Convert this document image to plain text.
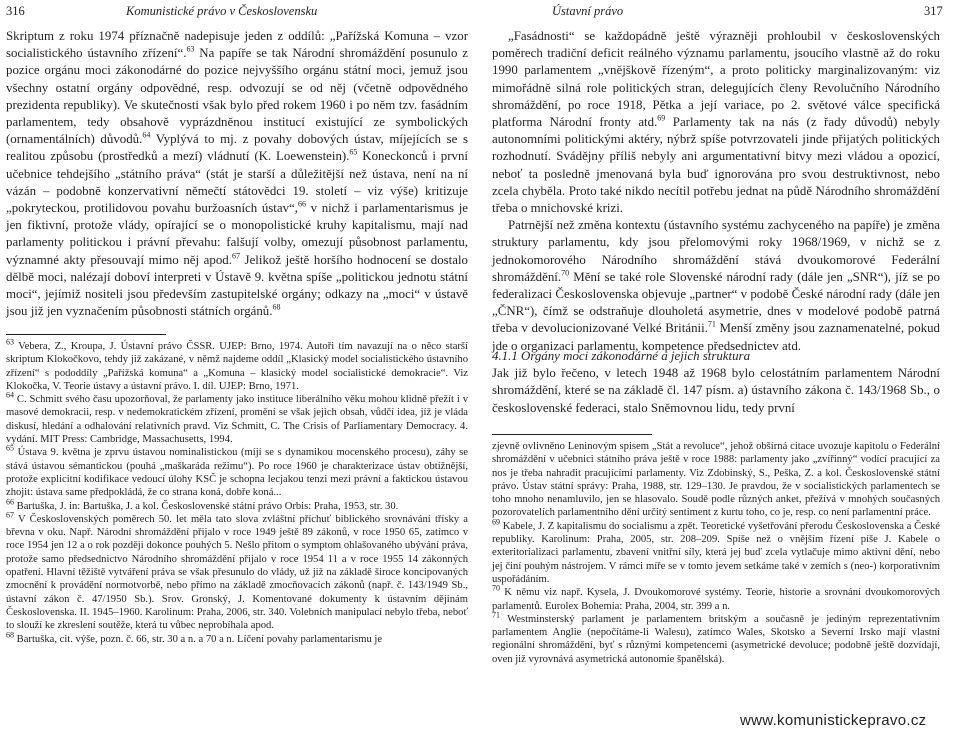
316	Komunistické právo v Československu

Skriptum z roku 1974 příznačně nadepisuje jeden z oddílů: „Pařížská Komuna – vzor socialistického ústavního zřízení“.$^{63}$ Na papíře se tak Národní shromáždění posunulo z pozice orgánu moci zákonodárné do pozice nejvyššího orgánu státní moci, jemuž jsou všechny ostatní orgány odpovědné, resp. odvozují se od něj (včetně odpovědného prezidenta republiky). Ve skutečnosti však bylo před rokem 1960 i po něm tzv. fasádním parlamentem, tedy obsahově vyprázdněnou institucí existující ze symbolických (ornamentálních) důvodů.$^{64}$ Vyplývá to mj. z povahy dobových ústav, míjejících se s realitou způsobu (prostředků a mezí) vládnutí (K. Loewenstein).$^{65}$ Koneckonců i první učebnice tehdejšího „státního práva“ (stát je starší a důležitější než ústava, není na ní vázán – podobně konzervativní němečtí státovědci 19. století – viz výše) kritizuje „pokryteckou, protilidovou povahu buržoasních ústav“,$^{66}$ v nichž i parlamentarismus je jen fiktivní, protože vlády, opírající se o monopolistické kruhy kapitalismu, mají nad parlamenty politickou i právní převahu: falšují volby, omezují působnost parlamentu, významné akty přesouvají mimo něj apod.$^{67}$ Jelikož ještě horšího hodnocení se dostalo dělbě moci, nalézají doboví interpreti v Ústavě 9. května spíše „politickou jednotu státní moci“, jejímiž nositeli jsou především zastupitelské orgány; odkazy na „moci“ v ústavě jsou již jen vyznačením působnosti státních orgánů.$^{68}$

$^{63}$ Vebera, Z., Kroupa, J. Ústavní právo ČSSR. UJEP: Brno, 1974. Autoři tím navazují na o něco starší skriptum Klokočkovo, tehdy již zakázané, v němž najdeme oddíl „Klasický model socialistického ústavního zřízení“ s pododdíly „Pařížská komuna“ a „Komuna – klasický model socialistické demokracie“. Viz Klokočka, V. Teorie ústavy a ústavní právo. I. díl. UJEP: Brno, 1971.

$^{64}$ C. Schmitt svého času upozorňoval, že parlamenty jako instituce liberálního věku mohou klidně přežít i v masové demokracii, resp. v nedemokratickém zřízení, promění se však jejich obsah, vůdčí idea, jíž je vláda diskusí, hledání a odhalování relativních pravd. Viz Schmitt, C. The Crisis of Parliamentary Democracy. 4. vydání. MIT Press: Cambridge, Massachusetts, 1994.

$^{65}$ Ústava 9. května je zprvu ústavou nominalistickou (míjí se s dynamikou mocenského procesu), záhy se stává ústavou sémantickou (pouhá „maškaráda režimu“). Po roce 1960 je charakterizace ústav obtížnější, protože explicitní kodifikace vedoucí úlohy KSČ je schopna lecjakou tenzi mezi právní a faktickou ústavou zhojit: ústava same předpokládá, že co strana koná, dobře koná...

$^{66}$ Bartuška, J. in: Bartuška, J. a kol. Československé státní právo Orbis: Praha, 1953, str. 30.

$^{67}$ V Československých poměrech 50. let měla tato slova zvláštní příchuť biblického srovnávání třísky a břevna v oku. Např. Národní shromáždění přijalo v roce 1949 ještě 89 zákonů, v roce 1950 65, zatímco v roce 1954 jen 12 a o rok později dokonce pouhých 5. Nešlo přitom o symptom ohlašovaného ubývání práva, protože samo předsednictvo Národního shromáždění přijalo v roce 1954 11 a v roce 1955 14 zákonných opatření. Hlavní těžiště vytváření práva se však přesunulo do vlády, už již na základě široce koncipovaných zmocnění k provádění normotvorbě, nebo přímo na základě zmocňovacích zákonů (např. č. 143/1949 Sb., ústavní zákon č. 47/1950 Sb.). Srov. Gronský, J. Komentované dokumenty k ústavním dějinám Československa. II. 1945–1960. Karolinum: Praha, 2006, str. 340. Volebních manipulací nebylo třeba, neboť to slouží ke zkreslení soutěže, která tu vůbec neprobíhala apod.

$^{68}$ Bartuška, cit. výše, pozn. č. 66, str. 30 a n. a 70 a n. Líčení povahy parlamentarismu je

Ústavní právo	317

„Fasádnosti“ se každopádně ještě výrazněji prohloubil v československých poměrech tradiční deficit reálného významu parlamentu, jsoucího vlastně až do roku 1990 parlamentem „vnějškově řízeným“, a proto politicky marginalizovaným: viz mimořádně silná role politických stran, delegujících členy Revolučního Národního shromáždění, po roce 1918, Pětka a její variace, po 2. světové válce specifická platforma Národní fronty atd.$^{69}$ Parlamenty tak na nás (z řady důvodů) nebyly autonomními politickými aktéry, nýbrž spíše potvrzovateli jinde přijatých politických rozhodnutí. Svádějny příliš nebyly ani argumentativní bitvy mezi vládou a opozicí, neboť ta posledně jmenovaná byla buď ignorována pro svou destruktivnost, nebo zcela chyběla. Proto také nikdo necítil potřebu jednat na půdě Národního shromáždění třeba o mnichovské krizi.

Patrnější než změna kontextu (ústavního systému zachyceného na papíře) je změna struktury parlamentu, kdy jsou přelomovými roky 1968/1969, v nichž se z jednokomorového Národního shromáždění stává dvoukomorové Federální shromáždění.$^{70}$ Mění se také role Slovenské národní rady (dále jen „SNR“), jíž se po federalizaci Československa objevuje „partner“ v podobě České národní rady (dále jen „ČNR“), čímž se odstraňuje dlouholetá asymetrie, dnes v modelové podobě patrná třeba v devolucionizované Velké Británii.$^{71}$ Menší změny jsou zaznamenatelné, pokud jde o organizaci parlamentu, kompetence předsednictev atd.

4.1.1 Orgány moci zákonodárné a jejich struktura

Jak již bylo řečeno, v letech 1948 až 1968 bylo celostátním parlamentem Národní shromáždění, které se na základě čl. 147 písm. a) ústavního zákona č. 143/1968 Sb., o československé federaci, stalo Sněmovnou lidu, tedy první

zjevně ovlivněno Leninovým spisem „Stát a revoluce“, jehož obšírná citace uvozuje kapitolu o Federální shromáždění v učebnici státního práva ještě v roce 1988: parlamenty jako „zvířinný“ vodící pracující za nos je třeba nahradit pracujícími parlamenty. Viz Zdobinský, S., Peška, Z. a kol. Československé státní právo. Ústav státní správy: Praha, 1988, str. 129–130. Je pravdou, že v socialistických parlamentech se toho mnoho nenamluvilo, jen se hlasovalo. Soudě podle různých anket, přežívá v mnohých současných pozorovatelích parlamentního dění určitý sentiment z kurtu toho, co je, resp. co není parlamentní práce.

$^{69}$ Kabele, J. Z kapitalismu do socialismu a zpět. Teoretické vyšetřování přerodu Československa a České republiky. Karolinum: Praha, 2005, str. 208–209. Spíše než o vnějším řízení píše J. Kabele o exteritorializaci parlamentu, zbavení vnitřní síly, která jej buď zcela vytlačuje mimo aktivní dění, nebo jej činí pouhým nástrojem. V rámci míře se v tomto jevem setkáme také v zemích s (neo-) korporativním uspořádáním.

$^{70}$ K němu viz např. Kysela, J. Dvoukomorové systémy. Teorie, historie a srovnání dvoukomorových parlamentů. Eurolex Bohemia: Praha, 2004, str. 399 a n.

$^{71}$ Westminsterský parlament je parlamentem britským a současně je jediným reprezentativním parlamentem Anglie (nepočítáme-li Walesu), zatímco Wales, Skotsko a Severní Irsko mají vlastní regionální shromáždění, byť s různými kompetencemi (asymetrické devoluce; podobně ještě dozvídají, oven již vyrovnává asymetrická autonomie španělská).

www.komunistickepravo.cz
